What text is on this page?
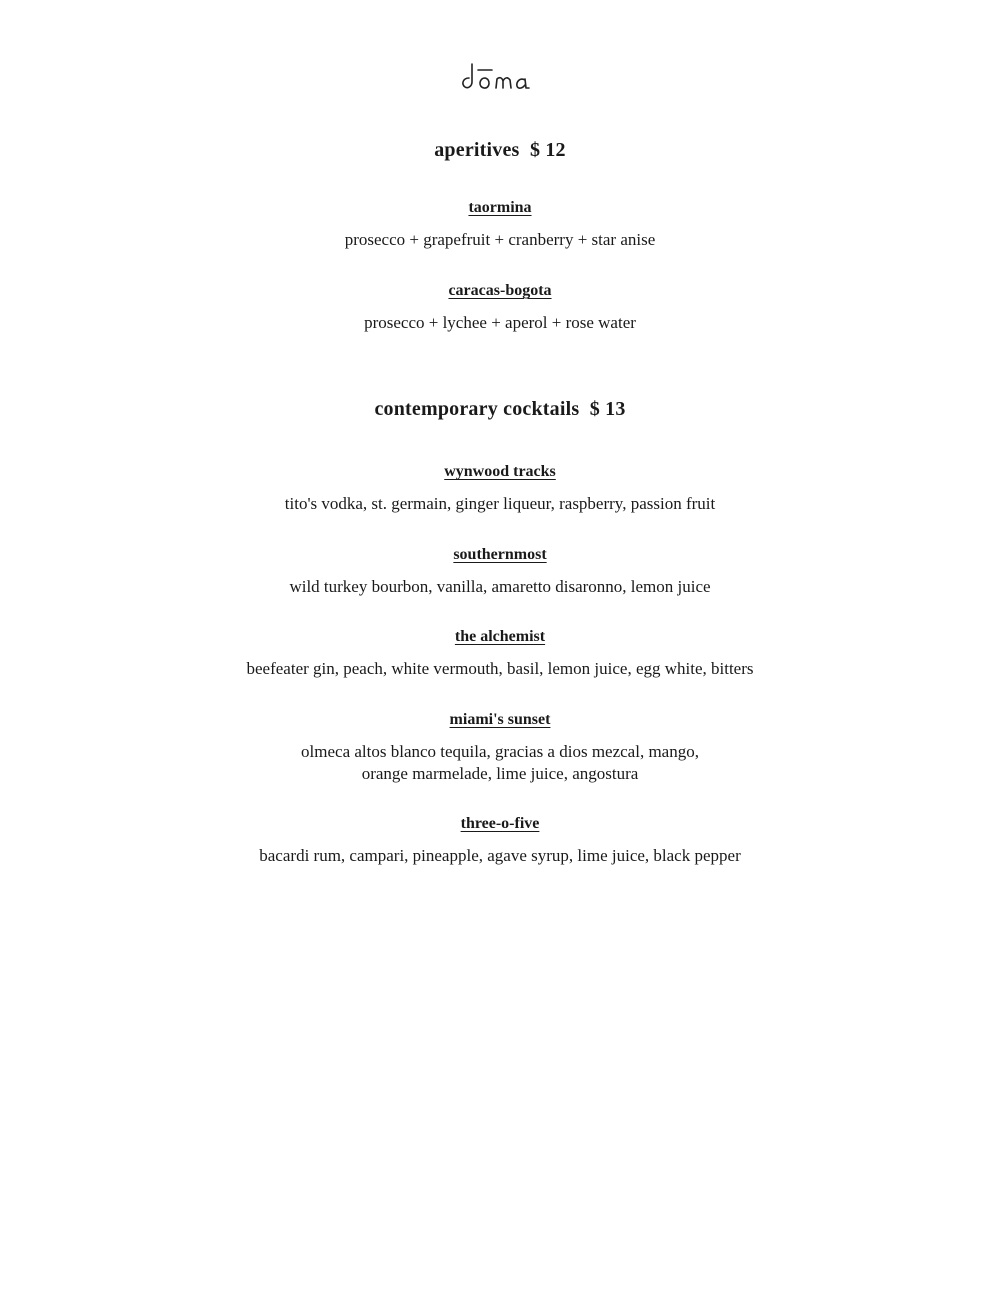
aperitives  $ 12
taormina
prosecco + grapefruit + cranberry + star anise
caracas-bogota
prosecco + lychee + aperol + rose water
contemporary cocktails  $ 13
wynwood tracks
tito's vodka, st. germain, ginger liqueur, raspberry, passion fruit
southernmost
wild turkey bourbon, vanilla, amaretto disaronno, lemon juice
the alchemist
beefeater gin, peach, white vermouth, basil, lemon juice, egg white, bitters
miami's sunset
olmeca altos blanco tequila, gracias a dios mezcal, mango,
orange marmelade, lime juice, angostura
three-o-five
bacardi rum, campari, pineapple, agave syrup, lime juice, black pepper
